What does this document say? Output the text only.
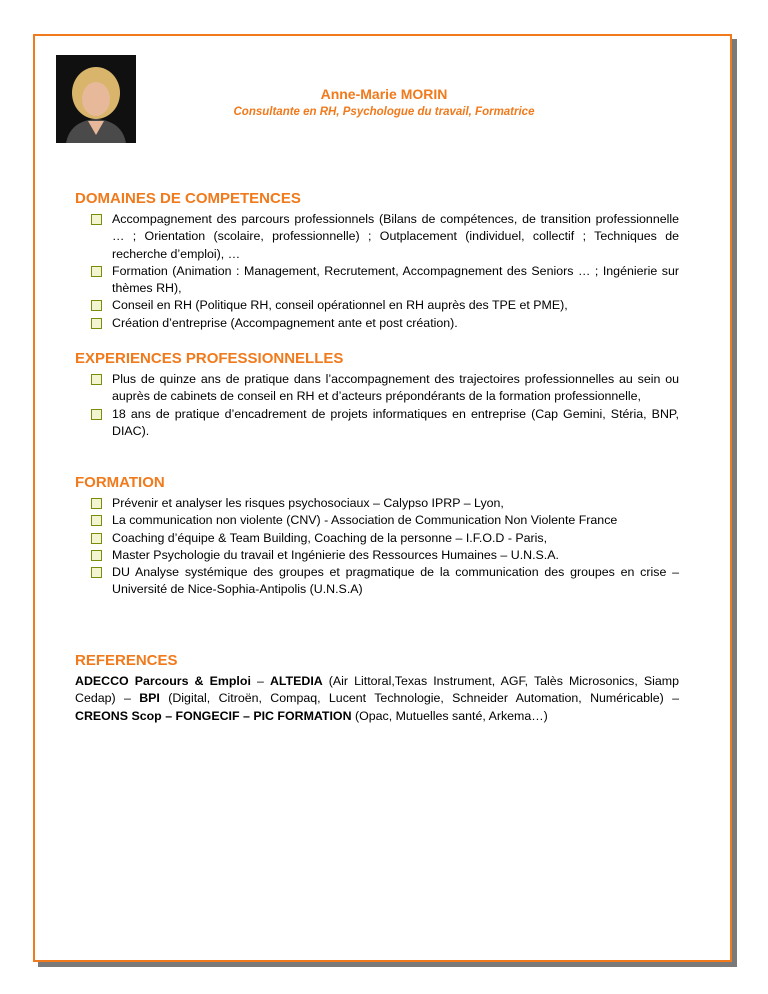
Anne-Marie MORIN
Consultante en RH, Psychologue du travail, Formatrice
DOMAINES DE COMPETENCES
Accompagnement des parcours professionnels (Bilans de compétences, de transition professionnelle … ; Orientation (scolaire, professionnelle) ; Outplacement (individuel, collectif ; Techniques de recherche d’emploi), …
Formation (Animation : Management, Recrutement, Accompagnement des Seniors … ; Ingénierie sur thèmes RH),
Conseil en RH (Politique RH, conseil opérationnel en RH auprès des TPE et PME),
Création d’entreprise (Accompagnement ante et post création).
EXPERIENCES PROFESSIONNELLES
Plus de quinze ans de pratique dans l’accompagnement des trajectoires professionnelles au sein ou auprès de cabinets de conseil en RH et d’acteurs prépondérants de la formation professionnelle,
18 ans de pratique d’encadrement de projets informatiques en entreprise (Cap Gemini, Stéria, BNP, DIAC).
FORMATION
Prévenir et analyser les risques psychosociaux – Calypso IPRP – Lyon,
La communication non violente (CNV) - Association de Communication Non Violente France
Coaching d’équipe & Team Building, Coaching de la personne – I.F.O.D - Paris,
Master Psychologie du travail et Ingénierie des Ressources Humaines – U.N.S.A.
DU Analyse systémique des groupes et pragmatique de la communication des groupes en crise – Université de Nice-Sophia-Antipolis (U.N.S.A)
REFERENCES

ADECCO Parcours & Emploi – ALTEDIA (Air Littoral,Texas Instrument, AGF, Talès Microsonics, Siamp Cedap) – BPI (Digital, Citroën, Compaq, Lucent Technologie, Schneider Automation, Numéricable) – CREONS Scop – FONGECIF – PIC FORMATION (Opac, Mutuelles santé, Arkema…)
